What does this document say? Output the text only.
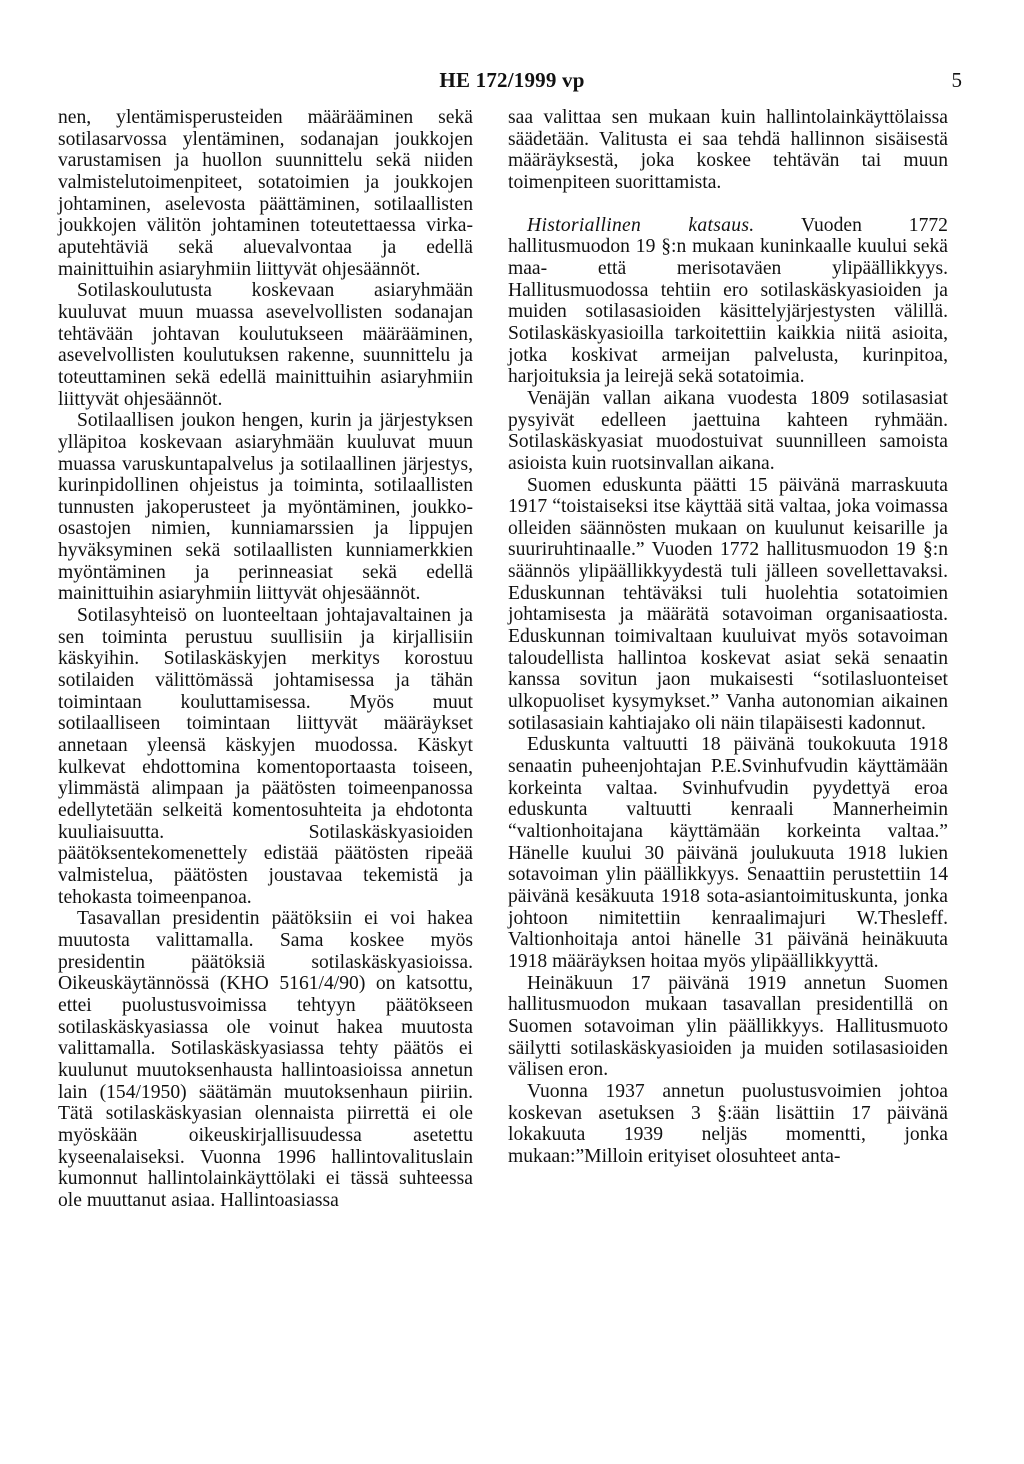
HE 172/1999 vp	5

nen, ylentämisperusteiden määrääminen sekä sotilasarvossa ylentäminen, sodanajan joukkojen varustamisen ja huollon suunnittelu sekä niiden valmistelutoimenpiteet, sotatoimien ja joukkojen johtaminen, aselevosta päättäminen, sotilaallisten joukkojen välitön johtaminen toteutettaessa virka-aputehtäviä sekä aluevalvontaa ja edellä mainittuihin asiaryhmiin liittyvät ohjesäännöt.

Sotilaskoulutusta koskevaan asiaryhmään kuuluvat muun muassa asevelvollisten sodanajan tehtävään johtavan koulutukseen määrääminen, asevelvollisten koulutuksen rakenne, suunnittelu ja toteuttaminen sekä edellä mainittuihin asiaryhmiin liittyvät ohjesäännöt.

Sotilaallisen joukon hengen, kurin ja järjestyksen ylläpitoa koskevaan asiaryhmään kuuluvat muun muassa varuskuntapalvelus ja sotilaallinen järjestys, kurinpidollinen ohjeistus ja toiminta, sotilaallisten tunnusten jakoperusteet ja myöntäminen, joukko-osastojen nimien, kunniamarssien ja lippujen hyväksyminen sekä sotilaallisten kunniamerkkien myöntäminen ja perinneasiat sekä edellä mainittuihin asiaryhmiin liittyvät ohjesäännöt.

Sotilasyhteisö on luonteeltaan johtajavaltainen ja sen toiminta perustuu suullisiin ja kirjallisiin käskyihin. Sotilaskäskyjen merkitys korostuu sotilaiden välittömässä johtamisessa ja tähän toimintaan kouluttamisessa. Myös muut sotilaalliseen toimintaan liittyvät määräykset annetaan yleensä käskyjen muodossa. Käskyt kulkevat ehdottomina komentoportaasta toiseen, ylimmästä alimpaan ja päätösten toimeenpanossa edellytetään selkeitä komentosuhteita ja ehdotonta kuuliaisuutta. Sotilaskäskyasioiden päätöksentekomenettely edistää päätösten ripeää valmistelua, päätösten joustavaa tekemistä ja tehokasta toimeenpanoa.

Tasavallan presidentin päätöksiin ei voi hakea muutosta valittamalla. Sama koskee myös presidentin päätöksiä sotilaskäskyasioissa. Oikeuskäytännössä (KHO 5161/4/90) on katsottu, ettei puolustusvoimissa tehtyyn päätökseen sotilaskäskyasiassa ole voinut hakea muutosta valittamalla. Sotilaskäskyasiassa tehty päätös ei kuulunut muutoksenhausta hallintoasioissa annetun lain (154/1950) säätämän muutoksenhaun piiriin. Tätä sotilaskäskyasian olennaista piirrettä ei ole myöskään oikeuskirjallisuudessa asetettu kyseenalaiseksi. Vuonna 1996 hallintovalituslain kumonnut hallintolainkäyttölaki ei tässä suhteessa ole muuttanut asiaa. Hallintoasiassa

saa valittaa sen mukaan kuin hallintolainkäyttölaissa säädetään. Valitusta ei saa tehdä hallinnon sisäisestä määräyksestä, joka koskee tehtävän tai muun toimenpiteen suorittamista.

Historiallinen katsaus. Vuoden 1772 hallitusmuodon 19 §:n mukaan kuninkaalle kuului sekä maa- että merisotaväen ylipäällikkyys. Hallitusmuodossa tehtiin ero sotilaskäskyasioiden ja muiden sotilasasioiden käsittelyjärjestysten välillä. Sotilaskäskyasioilla tarkoitettiin kaikkia niitä asioita, jotka koskivat armeijan palvelusta, kurinpitoa, harjoituksia ja leirejä sekä sotatoimia.

Venäjän vallan aikana vuodesta 1809 sotilasasiat pysyivät edelleen jaettuina kahteen ryhmään. Sotilaskäskyasiat muodostuivat suunnilleen samoista asioista kuin ruotsinvallan aikana.

Suomen eduskunta päätti 15 päivänä marraskuuta 1917 “toistaiseksi itse käyttää sitä valtaa, joka voimassa olleiden säännösten mukaan on kuulunut keisarille ja suuriruhtinaalle.” Vuoden 1772 hallitusmuodon 19 §:n säännös ylipäällikkyydestä tuli jälleen sovellettavaksi. Eduskunnan tehtäväksi tuli huolehtia sotatoimien johtamisesta ja määrätä sotavoiman organisaatiosta. Eduskunnan toimivaltaan kuuluivat myös sotavoiman taloudellista hallintoa koskevat asiat sekä senaatin kanssa sovitun jaon mukaisesti “sotilasluonteiset ulkopuoliset kysymykset.” Vanha autonomian aikainen sotilasasiain kahtiajako oli näin tilapäisesti kadonnut.

Eduskunta valtuutti 18 päivänä toukokuuta 1918 senaatin puheenjohtajan P.E.Svinhufvudin käyttämään korkeinta valtaa. Svinhufvudin pyydettyä eroa eduskunta valtuutti kenraali Mannerheimin “valtionhoitajana käyttämään korkeinta valtaa.” Hänelle kuului 30 päivänä joulukuuta 1918 lukien sotavoiman ylin päällikkyys. Senaattiin perustettiin 14 päivänä kesäkuuta 1918 sota-asiantoimituskunta, jonka johtoon nimitettiin kenraalimajuri W.Thesleff. Valtionhoitaja antoi hänelle 31 päivänä heinäkuuta 1918 määräyksen hoitaa myös ylipäällikkyyttä.

Heinäkuun 17 päivänä 1919 annetun Suomen hallitusmuodon mukaan tasavallan presidentillä on Suomen sotavoiman ylin päällikkyys. Hallitusmuoto säilytti sotilaskäskyasioiden ja muiden sotilasasioiden välisen eron.

Vuonna 1937 annetun puolustusvoimien johtoa koskevan asetuksen 3 §:ään lisättiin 17 päivänä lokakuuta 1939 neljäs momentti, jonka mukaan:”Milloin erityiset olosuhteet anta-
